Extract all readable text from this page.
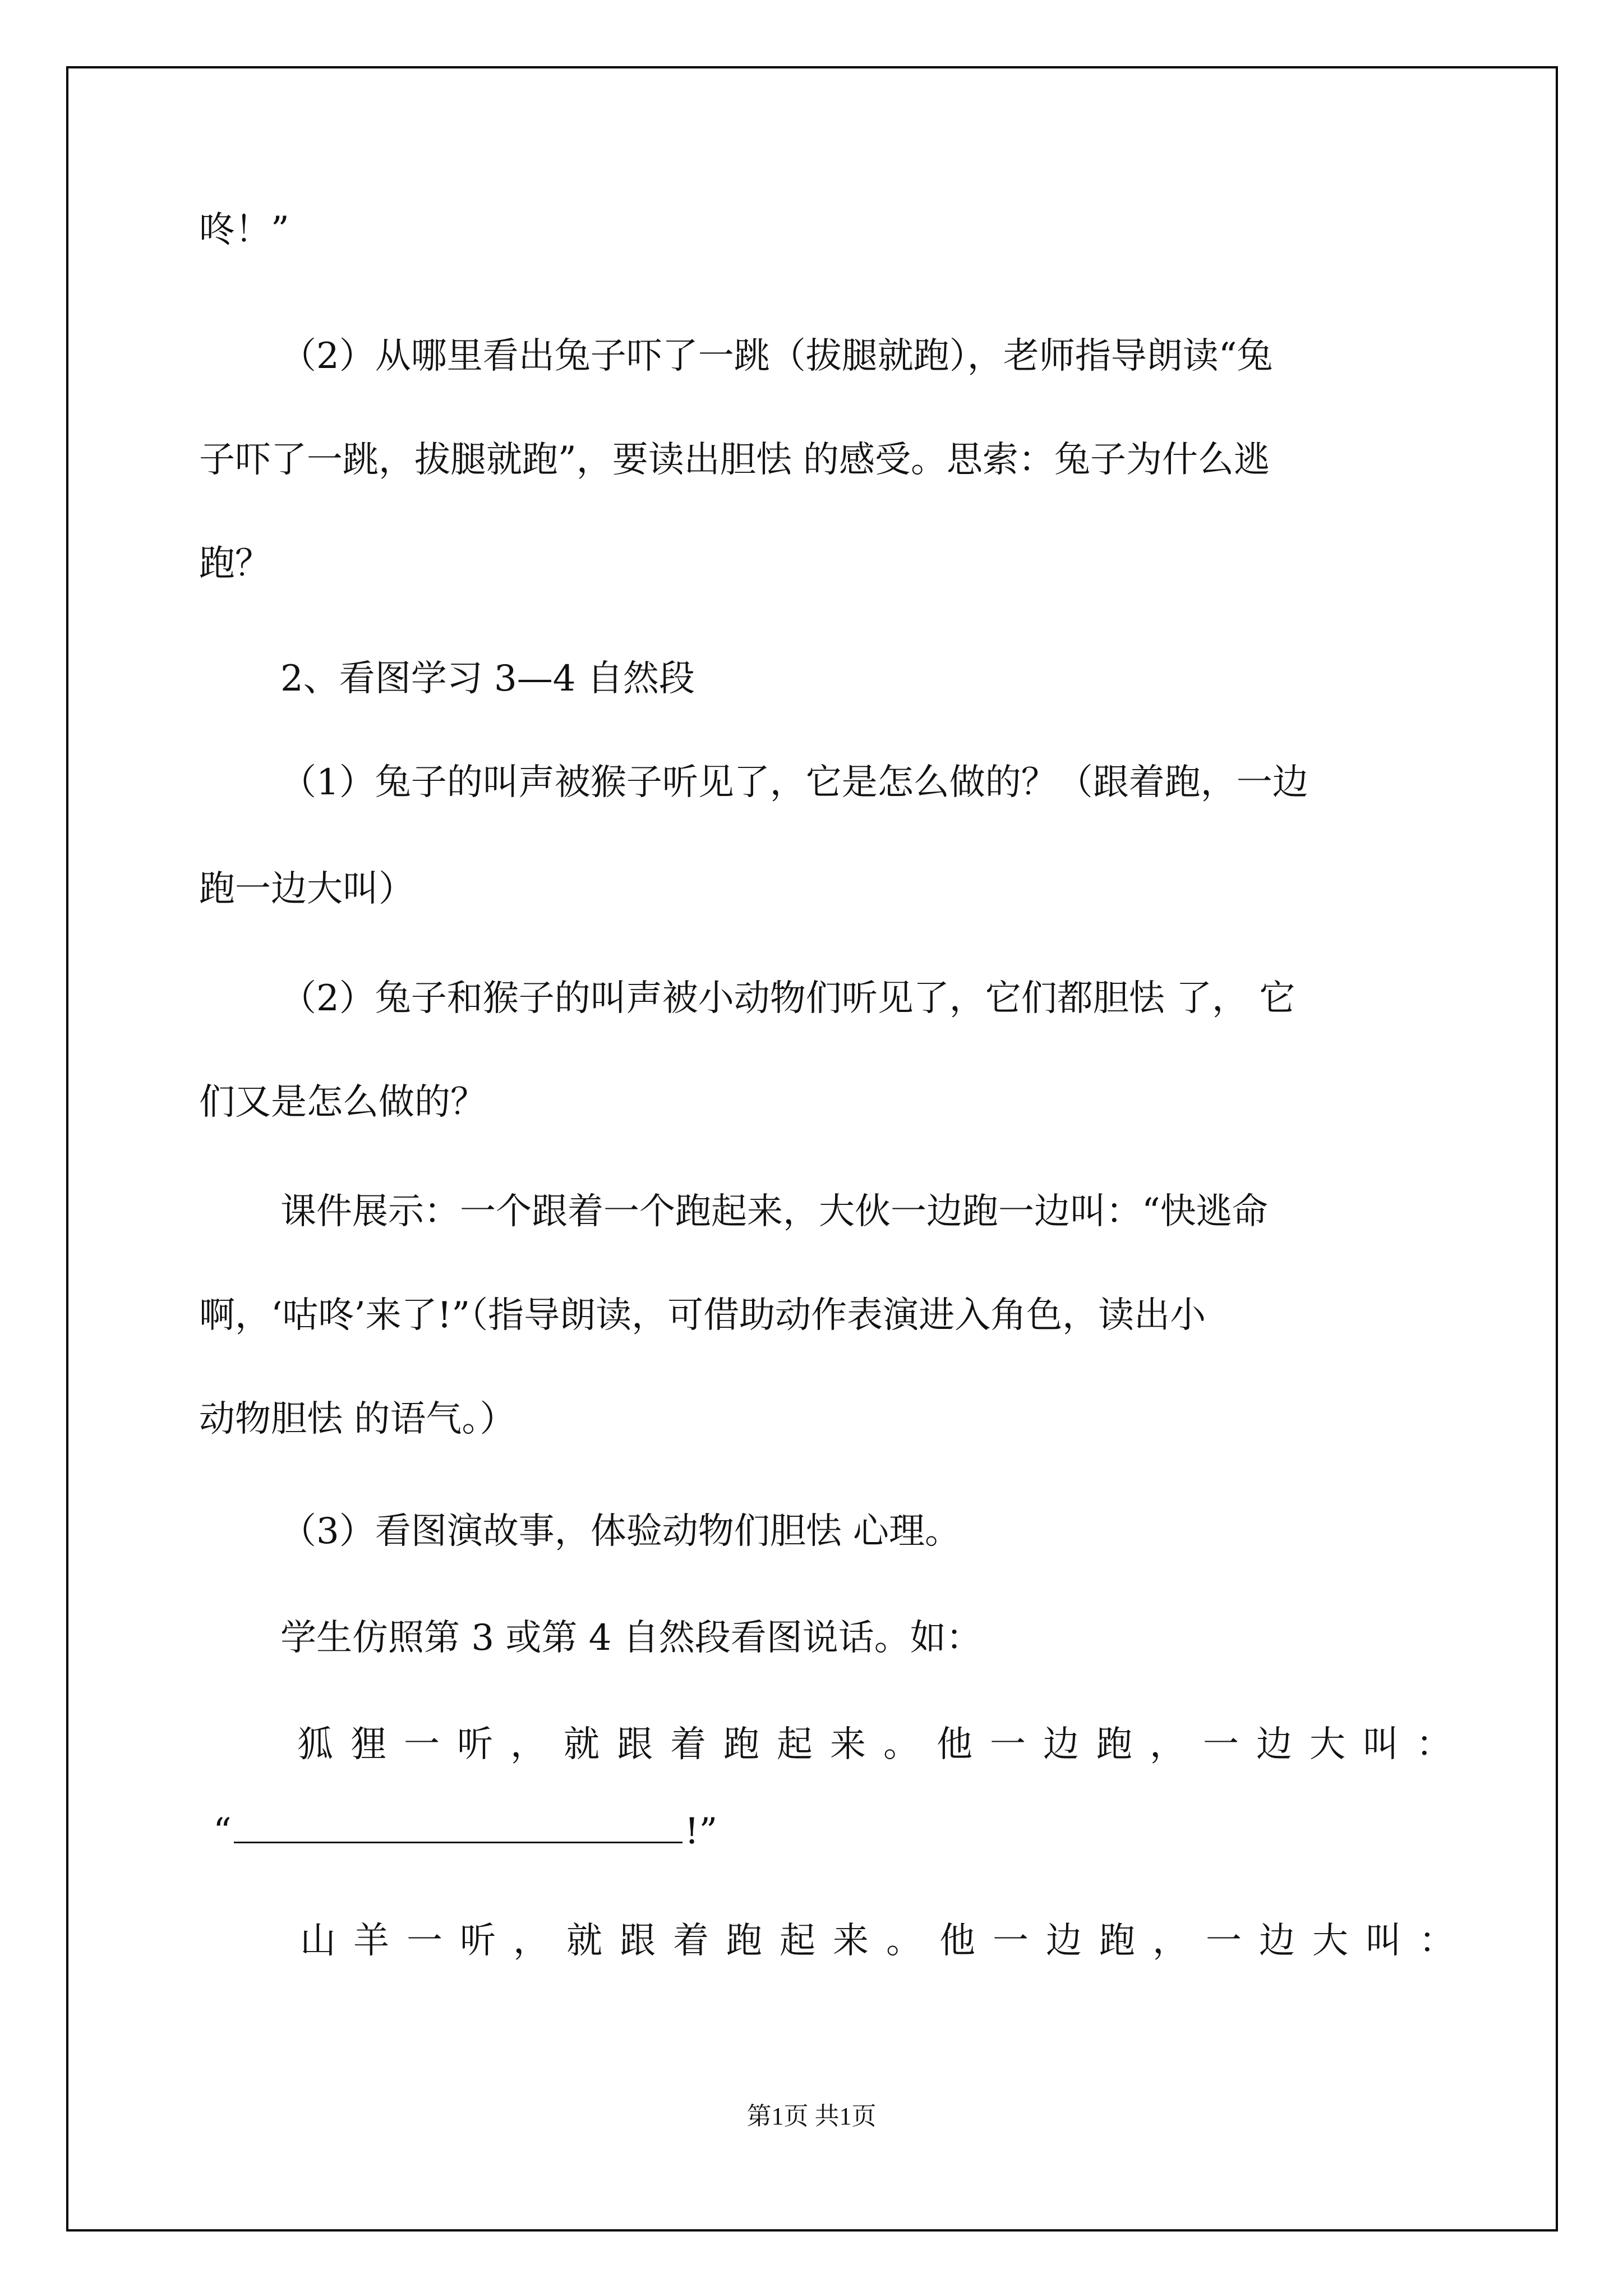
咚！”
（2）从哪里看出兔子吓了一跳（拔腿就跑），老师指导朗读“兔
子吓了一跳，拔腿就跑”，要读出胆怯 的感受。思索：兔子为什么逃
跑？
2、看图学习 3—4 自然段
（1）兔子的叫声被猴子听见了，它是怎么做的？（跟着跑，一边
跑一边大叫）
（2）兔子和猴子的叫声被小动物们听见了，它们都胆怯 了， 它
们又是怎么做的？
课件展示：一个跟着一个跑起来，大伙一边跑一边叫：“快逃命
啊，‘咕咚’来了!”（指导朗读，可借助动作表演进入角色，读出小
动物胆怯 的语气。）
（3）看图演故事，体验动物们胆怯 心理。
学生仿照第 3 或第 4 自然段看图说话。如：
狐狸一听，就跟着跑起来。他一边跑，一边大叫：
“	!”
山羊一听，就跟着跑起来。他一边跑，一边大叫：
第1页 共1页
